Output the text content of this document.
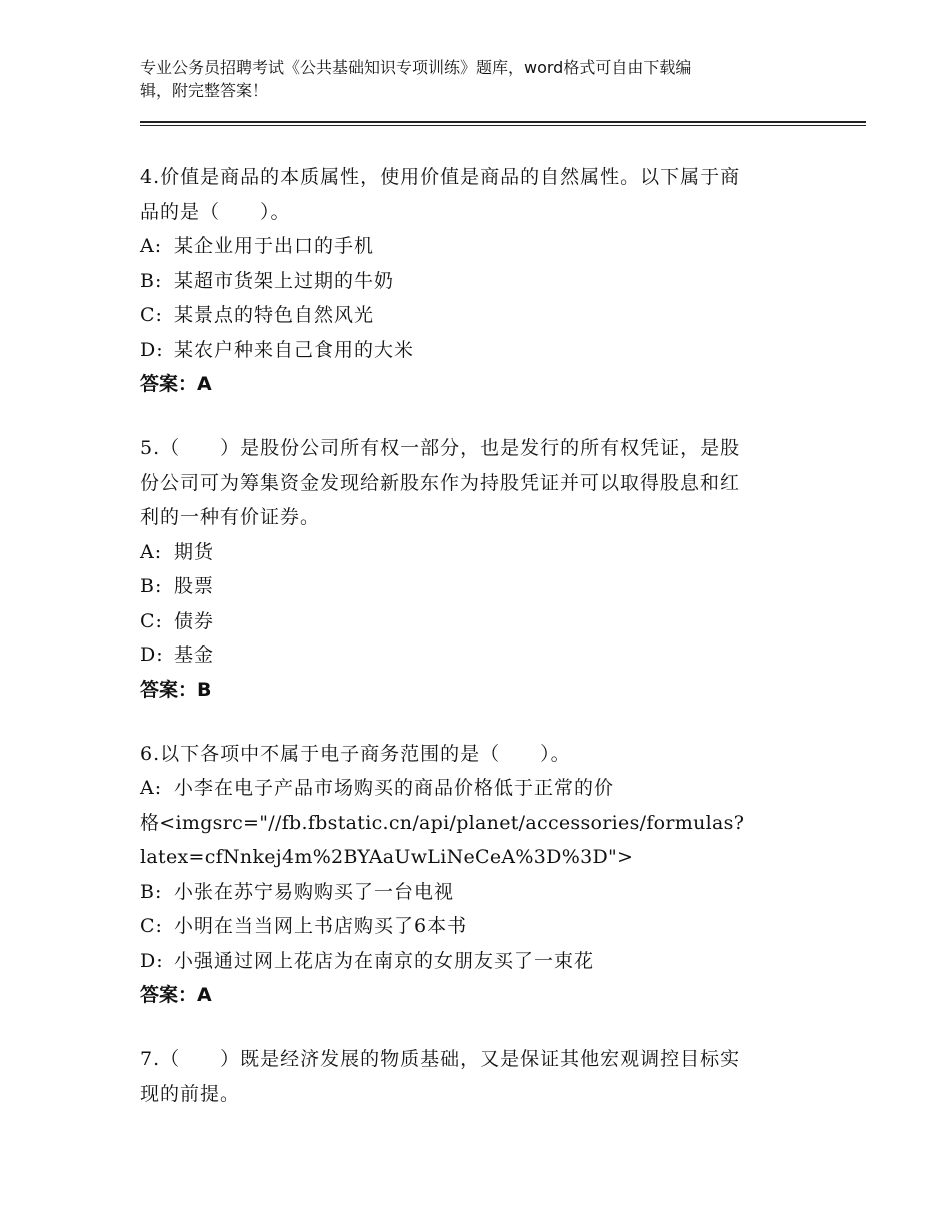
专业公务员招聘考试《公共基础知识专项训练》题库，word格式可自由下载编
辑，附完整答案！
4.价值是商品的本质属性，使用价值是商品的自然属性。以下属于商
品的是（　　）。
A: 某企业用于出口的手机
B: 某超市货架上过期的牛奶
C: 某景点的特色自然风光
D: 某农户种来自己食用的大米
答案：A
5.（　　）是股份公司所有权一部分，也是发行的所有权凭证，是股
份公司可为筹集资金发现给新股东作为持股凭证并可以取得股息和红
利的一种有价证券。
A: 期货
B: 股票
C: 债券
D: 基金
答案：B
6.以下各项中不属于电子商务范围的是（　　）。
A: 小李在电子产品市场购买的商品价格低于正常的价
格<imgsrc="//fb.fbstatic.cn/api/planet/accessories/formulas?
latex=cfNnkej4m%2BYAaUwLiNeCeA%3D%3D">
B: 小张在苏宁易购购买了一台电视
C: 小明在当当网上书店购买了6本书
D: 小强通过网上花店为在南京的女朋友买了一束花
答案：A
7.（　　）既是经济发展的物质基础，又是保证其他宏观调控目标实
现的前提。
